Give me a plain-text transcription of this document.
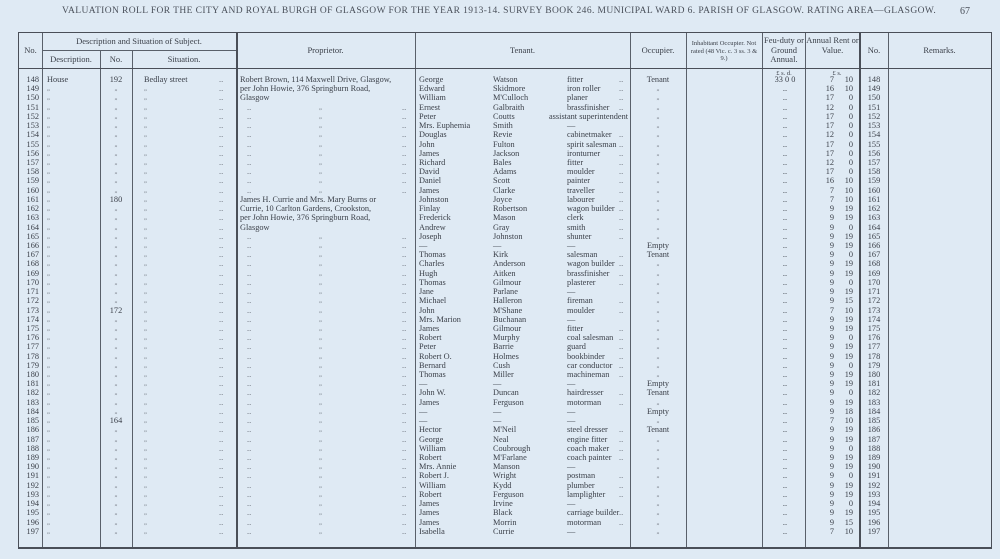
VALUATION ROLL FOR THE CITY AND ROYAL BURGH OF GLASGOW FOR THE YEAR 1913-14. SURVEY BOOK 246. MUNICIPAL WARD 6. PARISH OF GLASGOW. RATING AREA—GLASGOW. 67
No.
Description and Situation of Subject.
Description.	No.	Situation.
Proprietor.	Tenant.	Occupier.
Inhabitant Occupier. Not rated (48 Vic. c. 3 ss. 3 & 9.)
Feu-duty or Ground Annual.
Annual Rent or Value.	No.	Remarks.
£ s. d.	£ s.
148 House	192	Bedlay street	Robert Brown, 114 Maxwell Drive, Glasgow,	George	Watson	fitter	Tenant	33 0 0	7	10	148
..	..
149 „	„	„	per John Howie, 376 Springburn Road,	Edward	Skidmore	iron roller	„	..	16	10	149
..	..
150 „	„	„	Glasgow	William	M'Culloch	planer	„	..	17	0	150
..	..
151 „	„	„	„	Ernest	Galbraith	brassfinisher	„	..	12	0	151
..	..
..	..
152 „	„	„	„	Peter	Coutts	assistant superintendent	„	..	17	0	152
..	..
..
153 „	„	„	„	Mrs. Euphemia	Smith	—	„	..	17	0	153
..	..
..
154 „	„	„	„	Douglas	Revie	cabinetmaker	„	..	12	0	154
..	..
..	..
155 „	„	„	„	John	Fulton	spirit salesman	„	..	17	0	155
..	..
..	..
156 „	„	„	„	James	Jackson	ironturner	„	..	17	0	156
..	..
..	..
157 „	„	„	„	Richard	Bales	fitter	„	..	12	0	157
..	..
..	..
158 „	„	„	„	David	Adams	moulder	„	..	17	0	158
..	..
..	..
159 „	„	„	„	Daniel	Scott	painter	„	..	16	10	159
..	..
..	..
160 „	„	„	„	James	Clarke	traveller	„	..	7	10	160
..	..
..	..
161 „	180	„	James H. Currie and Mrs. Mary Burns or	Johnston	Joyce	labourer	„	..	7	10	161
..	..
162 „	„	„	Currie, 10 Carlton Gardens, Crookston,	Finlay	Robertson	wagon builder	„	..	9	19	162
..	..
163 „	„	„	per John Howie, 376 Springburn Road,	Frederick	Mason	clerk	„	..	9	19	163
..	..
164 „	„	„	Glasgow	Andrew	Gray	smith	„	..	9	0	164
..	..
165 „	„	„	„	Joseph	Johnston	shunter	„	..	9	19	165
..	..
..	..
166 „	„	„	„	—	—	—	Empty	..	9	19	166
..	..
..
167 „	„	„	„	Thomas	Kirk	salesman	Tenant	..	9	0	167
..	..
..	..
168 „	„	„	„	Charles	Anderson	wagon builder	„	..	9	19	168
..	..
..	..
169 „	„	„	„	Hugh	Aitken	brassfinisher	„	..	9	19	169
..	..
..	..
170 „	„	„	„	Thomas	Gilmour	plasterer	„	..	9	0	170
..	..
..	..
171 „	„	„	„	Jane	Parlane	—	„	..	9	19	171
..	..
..
172 „	„	„	„	Michael	Halleron	fireman	„	..	9	15	172
..	..
..	..
173 „	172	„	„	John	M'Shane	moulder	„	..	7	10	173
..	..
..	..
174 „	„	„	„	Mrs. Marion	Buchanan	—	„	..	9	19	174
..	..
..
175 „	„	„	„	James	Gilmour	fitter	„	..	9	19	175
..	..
..	..
176 „	„	„	„	Robert	Murphy	coal salesman	„	..	9	0	176
..	..
..	..
177 „	„	„	„	Peter	Barrie	guard	„	..	9	19	177
..	..
..	..
178 „	„	„	„	Robert O.	Holmes	bookbinder	„	..	9	19	178
..	..
..	..
179 „	„	„	„	Bernard	Cush	car conductor	„	..	9	0	179
..	..
..	..
180 „	„	„	„	Thomas	Miller	machineman	„	..	9	19	180
..	..
..	..
181 „	„	„	„	—	—	—	Empty	..	9	19	181
..	..
..
182 „	„	„	„	John W.	Duncan	hairdresser	Tenant	..	9	0	182
..	..
..	..
183 „	„	„	„	James	Ferguson	motorman	„	..	9	19	183
..	..
..	..
184 „	„	„	„	—	—	—	Empty	..	9	18	184
..	..
..
185 „	164	„	„	—	—	—	„	..	7	10	185
..	..
..
186 „	„	„	„	Hector	M'Neil	steel dresser	Tenant	..	9	19	186
..	..
..	..
187 „	„	„	„	George	Neal	engine fitter	„	..	9	19	187
..	..
..	..
188 „	„	„	„	William	Coubrough	coach maker	„	..	9	0	188
..	..
..	..
189 „	„	„	„	Robert	M'Farlane	coach painter	„	..	9	19	189
..	..
..	..
190 „	„	„	„	Mrs. Annie	Manson	—	„	..	9	19	190
..	..
..
191 „	„	„	„	Robert J.	Wright	postman	„	..	9	0	191
..	..
..	..
192 „	„	„	„	William	Kydd	plumber	„	..	9	19	192
..	..
..	..
193 „	„	„	„	Robert	Ferguson	lamplighter	„	..	9	19	193
..	..
..	..
194 „	„	„	„	James	Irvine	—	„	..	9	0	194
..	..
..
195 „	„	„	„	James	Black	carriage builder	„	..	9	19	195
..	..
..	..
196 „	„	„	„	James	Morrin	motorman	„	..	9	15	196
..	..
..	..
197 „	„	„	„	Isabella	Currie	—	„	..	7	10	197
..	..
..
